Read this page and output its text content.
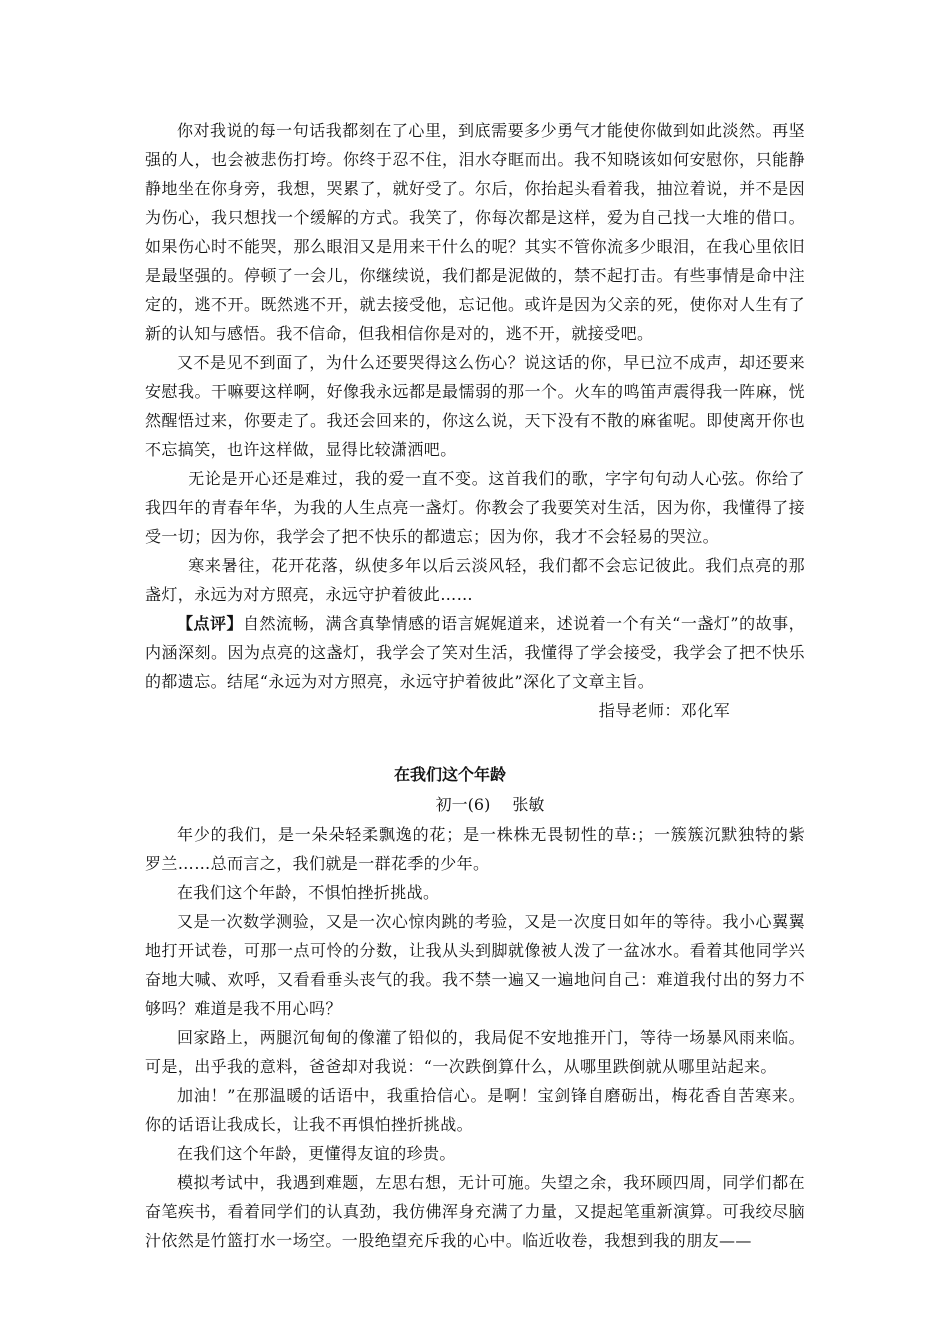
你对我说的每一句话我都刻在了心里，到底需要多少勇气才能使你做到如此淡然。再坚强的人，也会被悲伤打垮。你终于忍不住，泪水夺眶而出。我不知晓该如何安慰你，只能静静地坐在你身旁，我想，哭累了，就好受了。尔后，你抬起头看着我，抽泣着说，并不是因为伤心，我只想找一个缓解的方式。我笑了，你每次都是这样，爱为自己找一大堆的借口。如果伤心时不能哭，那么眼泪又是用来干什么的呢？其实不管你流多少眼泪，在我心里依旧是最坚强的。停顿了一会儿，你继续说，我们都是泥做的，禁不起打击。有些事情是命中注定的，逃不开。既然逃不开，就去接受他，忘记他。或许是因为父亲的死，使你对人生有了新的认知与感悟。我不信命，但我相信你是对的，逃不开，就接受吧。

又不是见不到面了，为什么还要哭得这么伤心？说这话的你，早已泣不成声，却还要来安慰我。干嘛要这样啊，好像我永远都是最懦弱的那一个。火车的鸣笛声震得我一阵麻，恍然醒悟过来，你要走了。我还会回来的，你这么说，天下没有不散的麻雀呢。即使离开你也不忘搞笑，也许这样做，显得比较潇洒吧。

无论是开心还是难过，我的爱一直不变。这首我们的歌，字字句句动人心弦。你给了我四年的青春年华，为我的人生点亮一盏灯。你教会了我要笑对生活，因为你，我懂得了接受一切；因为你，我学会了把不快乐的都遗忘；因为你，我才不会轻易的哭泣。

寒来暑往，花开花落，纵使多年以后云淡风轻，我们都不会忘记彼此。我们点亮的那盏灯，永远为对方照亮，永远守护着彼此……

【点评】自然流畅，满含真挚情感的语言娓娓道来，述说着一个有关“一盏灯”的故事，内涵深刻。因为点亮的这盏灯，我学会了笑对生活，我懂得了学会接受，我学会了把不快乐的都遗忘。结尾“永远为对方照亮，永远守护着彼此”深化了文章主旨。

指导老师：邓化军

在我们这个年龄

初一(6) 张敏

年少的我们，是一朵朵轻柔飘逸的花；是一株株无畏韧性的草:；一簇簇沉默独特的紫罗兰……总而言之，我们就是一群花季的少年。

在我们这个年龄，不惧怕挫折挑战。

又是一次数学测验，又是一次心惊肉跳的考验，又是一次度日如年的等待。我小心翼翼地打开试卷，可那一点可怜的分数，让我从头到脚就像被人泼了一盆冰水。看着其他同学兴奋地大喊、欢呼，又看看垂头丧气的我。我不禁一遍又一遍地问自己：难道我付出的努力不够吗？难道是我不用心吗？

回家路上，两腿沉甸甸的像灌了铅似的，我局促不安地推开门，等待一场暴风雨来临。可是，出乎我的意料，爸爸却对我说：“一次跌倒算什么，从哪里跌倒就从哪里站起来。

加油！”在那温暖的话语中，我重拾信心。是啊！宝剑锋自磨砺出，梅花香自苦寒来。你的话语让我成长，让我不再惧怕挫折挑战。

在我们这个年龄，更懂得友谊的珍贵。

模拟考试中，我遇到难题，左思右想，无计可施。失望之余，我环顾四周，同学们都在奋笔疾书，看着同学们的认真劲，我仿佛浑身充满了力量，又提起笔重新演算。可我绞尽脑汁依然是竹篮打水一场空。一股绝望充斥我的心中。临近收卷，我想到我的朋友——
